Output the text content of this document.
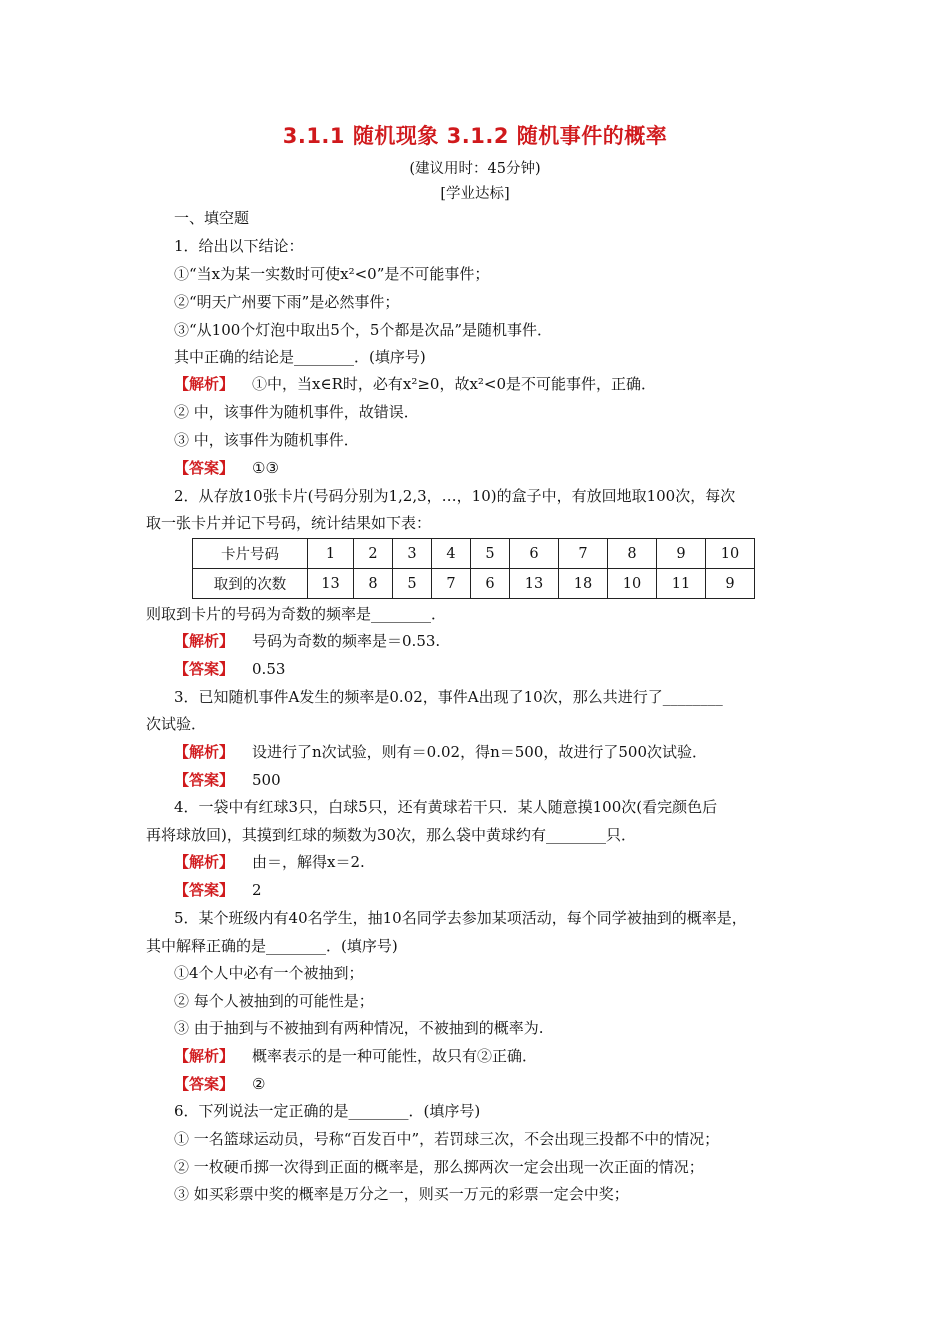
3.1.1 随机现象 3.1.2 随机事件的概率
(建议用时：45分钟)
[学业达标]
一、填空题
1．给出以下结论：
①“当x为某一实数时可使x²<0”是不可能事件；
②“明天广州要下雨”是必然事件；
③“从100个灯泡中取出5个，5个都是次品”是随机事件．
其中正确的结论是________．(填序号)
【解析】 ①中，当x∈R时，必有x²≥0，故x²<0是不可能事件，正确．
② 中，该事件为随机事件，故错误．
③ 中，该事件为随机事件．
【答案】 ①③
2．从存放10张卡片(号码分别为1,2,3，…，10)的盒子中，有放回地取100次，每次
取一张卡片并记下号码，统计结果如下表：
卡片号码	1	2	3	4	5	6	7	8	9	10
取到的次数	13	8	5	7	6	13	18	10	11	9
则取到卡片的号码为奇数的频率是________．
【解析】 号码为奇数的频率是＝0.53.
【答案】 0.53
3．已知随机事件A发生的频率是0.02，事件A出现了10次，那么共进行了________
次试验．
【解析】 设进行了n次试验，则有＝0.02，得n＝500，故进行了500次试验．
【答案】 500
4．一袋中有红球3只，白球5只，还有黄球若干只．某人随意摸100次(看完颜色后
再将球放回)，其摸到红球的频数为30次，那么袋中黄球约有________只．
【解析】 由＝，解得x＝2.
【答案】 2
5．某个班级内有40名学生，抽10名同学去参加某项活动，每个同学被抽到的概率是，
其中解释正确的是________．(填序号)
①4个人中必有一个被抽到；
② 每个人被抽到的可能性是；
③ 由于抽到与不被抽到有两种情况，不被抽到的概率为.
【解析】 概率表示的是一种可能性，故只有②正确．
【答案】 ②
6．下列说法一定正确的是________．(填序号)
① 一名篮球运动员，号称“百发百中”，若罚球三次，不会出现三投都不中的情况；
② 一枚硬币掷一次得到正面的概率是，那么掷两次一定会出现一次正面的情况；
③ 如买彩票中奖的概率是万分之一，则买一万元的彩票一定会中奖；
